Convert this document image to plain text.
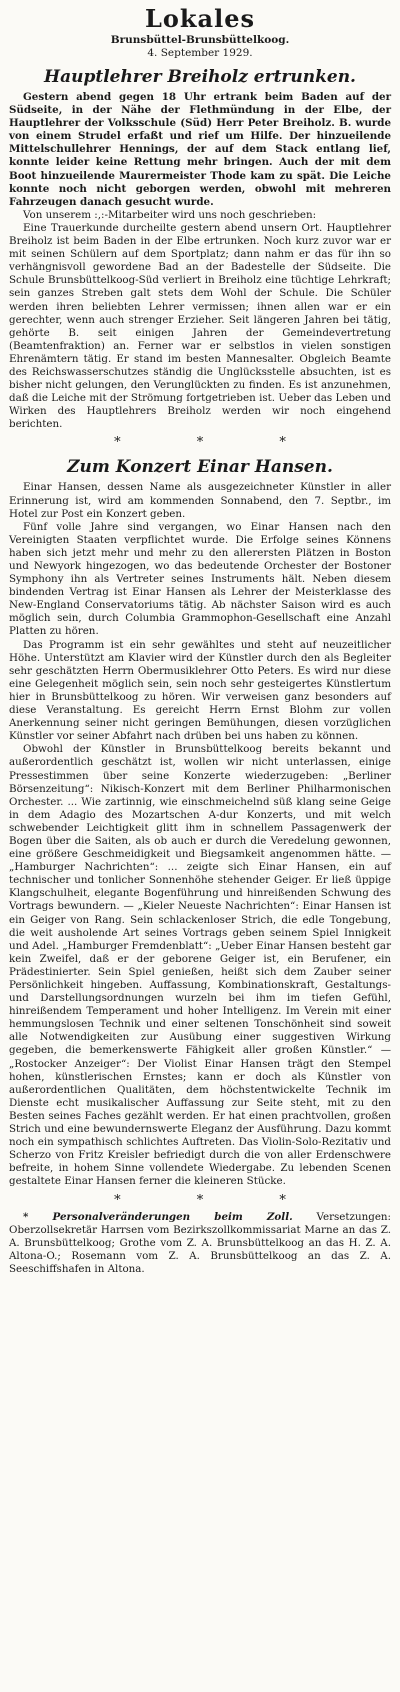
Lokales
Brunsbüttel-Brunsbüttelkoog.
4. September 1929.
Hauptlehrer Breiholz ertrunken.

Gestern abend gegen 18 Uhr ertrank beim Baden auf der Südseite, in der Nähe der Flethmündung in der Elbe, der Hauptlehrer der Volksschule (Süd) Herr Peter Breiholz. B. wurde von einem Strudel erfaßt und rief um Hilfe. Der hinzueilende Mittelschullehrer Hennings, der auf dem Stack entlang lief, konnte leider keine Rettung mehr bringen. Auch der mit dem Boot hinzueilende Maurermeister Thode kam zu spät. Die Leiche konnte noch nicht geborgen werden, obwohl mit mehreren Fahrzeugen danach gesucht wurde.

Von unserem :,:-Mitarbeiter wird uns noch geschrieben:

Eine Trauerkunde durcheilte gestern abend unsern Ort. Hauptlehrer Breiholz ist beim Baden in der Elbe ertrunken. Noch kurz zuvor war er mit seinen Schülern auf dem Sportplatz; dann nahm er das für ihn so verhängnisvoll gewordene Bad an der Badestelle der Südseite. Die Schule Brunsbüttelkoog-Süd verliert in Breiholz eine tüchtige Lehrkraft; sein ganzes Streben galt stets dem Wohl der Schule. Die Schüler werden ihren beliebten Lehrer vermissen; ihnen allen war er ein gerechter, wenn auch strenger Erzieher. Seit längeren Jahren bei tätig, gehörte B. seit einigen Jahren der Gemeindevertretung (Beamtenfraktion) an. Ferner war er selbstlos in vielen sonstigen Ehrenämtern tätig. Er stand im besten Mannesalter. Obgleich Beamte des Reichswasserschutzes ständig die Unglücksstelle absuchten, ist es bisher nicht gelungen, den Verunglückten zu finden. Es ist anzunehmen, daß die Leiche mit der Strömung fortgetrieben ist. Ueber das Leben und Wirken des Hauptlehrers Breiholz werden wir noch eingehend berichten.

* * *
Zum Konzert Einar Hansen.

Einar Hansen, dessen Name als ausgezeichneter Künstler in aller Erinnerung ist, wird am kommenden Sonnabend, den 7. Septbr., im Hotel zur Post ein Konzert geben.

Fünf volle Jahre sind vergangen, wo Einar Hansen nach den Vereinigten Staaten verpflichtet wurde. Die Erfolge seines Könnens haben sich jetzt mehr und mehr zu den allerersten Plätzen in Boston und Newyork hingezogen, wo das bedeutende Orchester der Bostoner Symphony ihn als Vertreter seines Instruments hält. Neben diesem bindenden Vertrag ist Einar Hansen als Lehrer der Meisterklasse des New-England Conservatoriums tätig. Ab nächster Saison wird es auch möglich sein, durch Columbia Grammophon-Gesellschaft eine Anzahl Platten zu hören.

Das Programm ist ein sehr gewähltes und steht auf neuzeitlicher Höhe. Unterstützt am Klavier wird der Künstler durch den als Begleiter sehr geschätzten Herrn Obermusiklehrer Otto Peters. Es wird nur diese eine Gelegenheit möglich sein, sein noch sehr gesteigertes Künstlertum hier in Brunsbüttelkoog zu hören. Wir verweisen ganz besonders auf diese Veranstaltung. Es gereicht Herrn Ernst Blohm zur vollen Anerkennung seiner nicht geringen Bemühungen, diesen vorzüglichen Künstler vor seiner Abfahrt nach drüben bei uns haben zu können.

Obwohl der Künstler in Brunsbüttelkoog bereits bekannt und außerordentlich geschätzt ist, wollen wir nicht unterlassen, einige Pressestimmen über seine Konzerte wiederzugeben: „Berliner Börsenzeitung“: Nikisch-Konzert mit dem Berliner Philharmonischen Orchester. ... Wie zartinnig, wie einschmeichelnd süß klang seine Geige in dem Adagio des Mozartschen A-dur Konzerts, und mit welch schwebender Leichtigkeit glitt ihm in schnellem Passagenwerk der Bogen über die Saiten, als ob auch er durch die Veredelung gewonnen, eine größere Geschmeidigkeit und Biegsamkeit angenommen hätte. — „Hamburger Nachrichten“: ... zeigte sich Einar Hansen, ein auf technischer und tonlicher Sonnenhöhe stehender Geiger. Er ließ üppige Klangschulheit, elegante Bogenführung und hinreißenden Schwung des Vortrags bewundern. — „Kieler Neueste Nachrichten“: Einar Hansen ist ein Geiger von Rang. Sein schlackenloser Strich, die edle Tongebung, die weit ausholende Art seines Vortrags geben seinem Spiel Innigkeit und Adel. „Hamburger Fremdenblatt“: „Ueber Einar Hansen besteht gar kein Zweifel, daß er der geborene Geiger ist, ein Berufener, ein Prädestinierter. Sein Spiel genießen, heißt sich dem Zauber seiner Persönlichkeit hingeben. Auffassung, Kombinationskraft, Gestaltungs- und Darstellungsordnungen wurzeln bei ihm im tiefen Gefühl, hinreißendem Temperament und hoher Intelligenz. Im Verein mit einer hemmungslosen Technik und einer seltenen Tonschönheit sind soweit alle Notwendigkeiten zur Ausübung einer suggestiven Wirkung gegeben, die bemerkenswerte Fähigkeit aller großen Künstler.“ — „Rostocker Anzeiger“: Der Violist Einar Hansen trägt den Stempel hohen, künstlerischen Ernstes; kann er doch als Künstler von außerordentlichen Qualitäten, dem höchstentwickelte Technik im Dienste echt musikalischer Auffassung zur Seite steht, mit zu den Besten seines Faches gezählt werden. Er hat einen prachtvollen, großen Strich und eine bewundernswerte Eleganz der Ausführung. Dazu kommt noch ein sympathisch schlichtes Auftreten. Das Violin-Solo-Rezitativ und Scherzo von Fritz Kreisler befriedigt durch die von aller Erdenschwere befreite, in hohem Sinne vollendete Wiedergabe. Zu lebenden Scenen gestaltete Einar Hansen ferner die kleineren Stücke.

* * *

* Personalveränderungen beim Zoll. Versetzungen: Oberzollsekretär Harrsen vom Bezirkszollkommissariat Marne an das Z. A. Brunsbüttelkoog; Grothe vom Z. A. Brunsbüttelkoog an das H. Z. A. Altona-O.; Rosemann vom Z. A. Brunsbüttelkoog an das Z. A. Seeschiffshafen in Altona.
